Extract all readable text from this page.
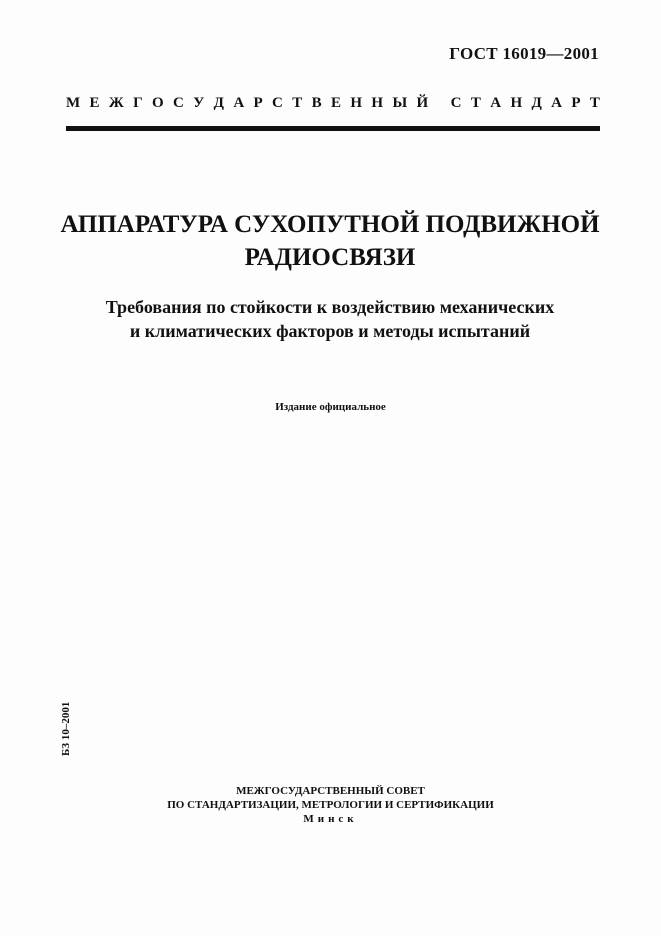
ГОСТ 16019—2001
М Е Ж Г О С У Д А Р С Т В Е Н Н Ы Й
С Т А Н Д А Р Т
АППАРАТУРА СУХОПУТНОЙ ПОДВИЖНОЙ
РАДИОСВЯЗИ
Требования по стойкости к воздействию механических
и климатических факторов и методы испытаний
Издание официальное
БЗ 10–2001
МЕЖГОСУДАРСТВЕННЫЙ СОВЕТ
ПО СТАНДАРТИЗАЦИИ, МЕТРОЛОГИИ И СЕРТИФИКАЦИИ
Минск
